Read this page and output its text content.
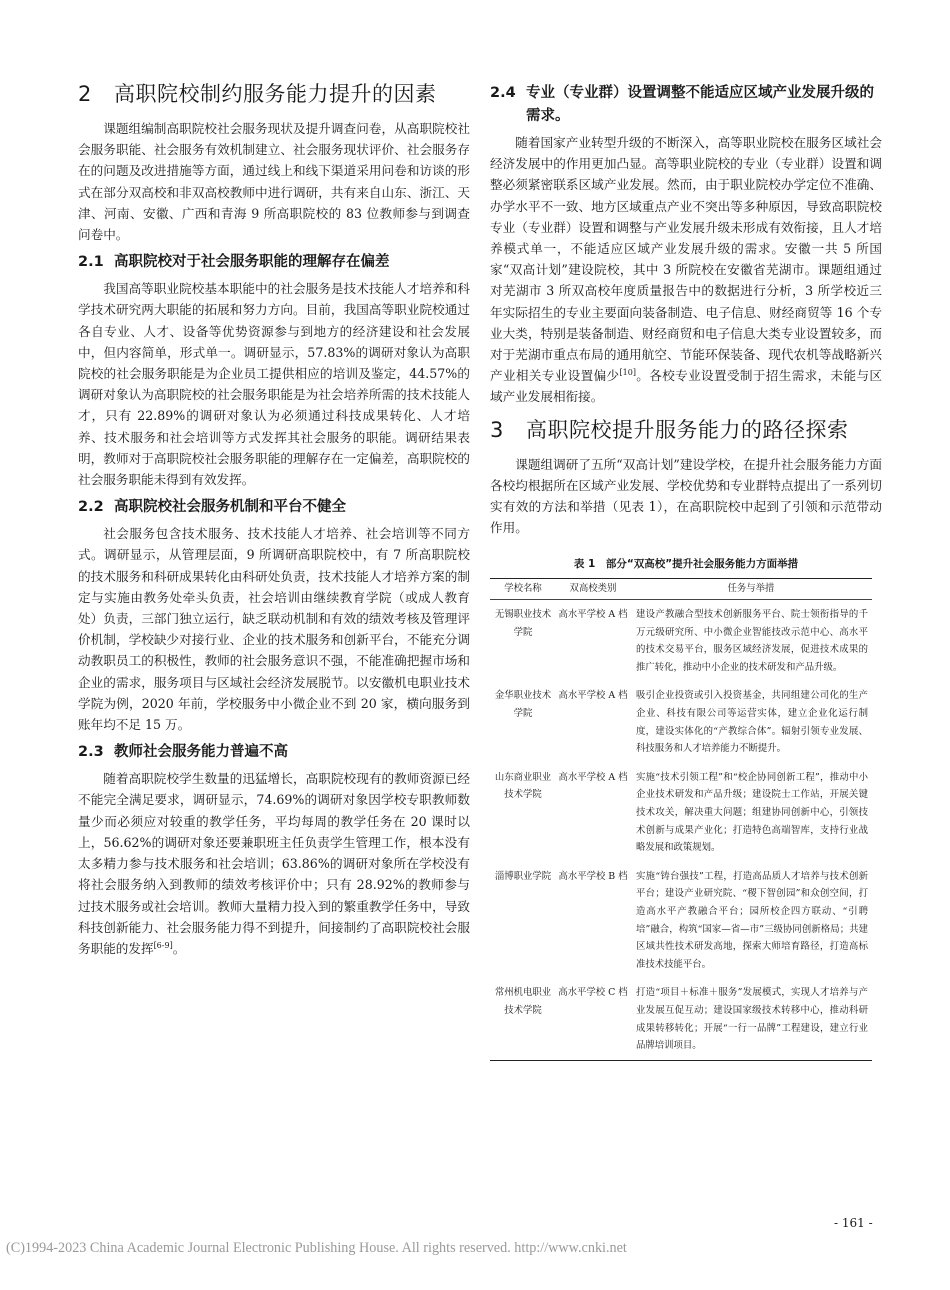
2 高职院校制约服务能力提升的因素

课题组编制高职院校社会服务现状及提升调查问卷，从高职院校社会服务职能、社会服务有效机制建立、社会服务现状评价、社会服务存在的问题及改进措施等方面，通过线上和线下渠道采用问卷和访谈的形式在部分双高校和非双高校教师中进行调研，共有来自山东、浙江、天津、河南、安徽、广西和青海 9 所高职院校的 83 位教师参与到调查问卷中。

2.1 高职院校对于社会服务职能的理解存在偏差

我国高等职业院校基本职能中的社会服务是技术技能人才培养和科学技术研究两大职能的拓展和努力方向。目前，我国高等职业院校通过各自专业、人才、设备等优势资源参与到地方的经济建设和社会发展中，但内容简单，形式单一。调研显示，57.83%的调研对象认为高职院校的社会服务职能是为企业员工提供相应的培训及鉴定，44.57%的调研对象认为高职院校的社会服务职能是为社会培养所需的技术技能人才，只有 22.89%的调研对象认为必须通过科技成果转化、人才培养、技术服务和社会培训等方式发挥其社会服务的职能。调研结果表明，教师对于高职院校社会服务职能的理解存在一定偏差，高职院校的社会服务职能未得到有效发挥。

2.2 高职院校社会服务机制和平台不健全

社会服务包含技术服务、技术技能人才培养、社会培训等不同方式。调研显示，从管理层面，9 所调研高职院校中，有 7 所高职院校的技术服务和科研成果转化由科研处负责，技术技能人才培养方案的制定与实施由教务处牵头负责，社会培训由继续教育学院（或成人教育处）负责，三部门独立运行，缺乏联动机制和有效的绩效考核及管理评价机制，学校缺少对接行业、企业的技术服务和创新平台，不能充分调动教职员工的积极性，教师的社会服务意识不强，不能准确把握市场和企业的需求，服务项目与区域社会经济发展脱节。以安徽机电职业技术学院为例，2020 年前，学校服务中小微企业不到 20 家，横向服务到账年均不足 15 万。

2.3 教师社会服务能力普遍不高

随着高职院校学生数量的迅猛增长，高职院校现有的教师资源已经不能完全满足要求，调研显示，74.69%的调研对象因学校专职教师数量少而必须应对较重的教学任务，平均每周的教学任务在 20 课时以上，56.62%的调研对象还要兼职班主任负责学生管理工作，根本没有太多精力参与技术服务和社会培训；63.86%的调研对象所在学校没有将社会服务纳入到教师的绩效考核评价中；只有 28.92%的教师参与过技术服务或社会培训。教师大量精力投入到的繁重教学任务中，导致科技创新能力、社会服务能力得不到提升，间接制约了高职院校社会服务职能的发挥[6-9]。

2.4 专业（专业群）设置调整不能适应区域产业发展升级的需求。

随着国家产业转型升级的不断深入，高等职业院校在服务区域社会经济发展中的作用更加凸显。高等职业院校的专业（专业群）设置和调整必须紧密联系区域产业发展。然而，由于职业院校办学定位不准确、办学水平不一致、地方区域重点产业不突出等多种原因，导致高职院校专业（专业群）设置和调整与产业发展升级未形成有效衔接，且人才培养模式单一，不能适应区域产业发展升级的需求。安徽一共 5 所国家“双高计划”建设院校，其中 3 所院校在安徽省芜湖市。课题组通过对芜湖市 3 所双高校年度质量报告中的数据进行分析，3 所学校近三年实际招生的专业主要面向装备制造、电子信息、财经商贸等 16 个专业大类，特别是装备制造、财经商贸和电子信息大类专业设置较多，而对于芜湖市重点布局的通用航空、节能环保装备、现代农机等战略新兴产业相关专业设置偏少[10]。各校专业设置受制于招生需求，未能与区域产业发展相衔接。

3 高职院校提升服务能力的路径探索

课题组调研了五所“双高计划”建设学校，在提升社会服务能力方面各校均根据所在区域产业发展、学校优势和专业群特点提出了一系列切实有效的方法和举措（见表 1），在高职院校中起到了引领和示范带动作用。

表 1　部分“双高校”提升社会服务能力方面举措
学校名称	双高校类别	任务与举措
无锡职业技术学院	高水平学校 A 档	建设产教融合型技术创新服务平台、院士领衔指导的千万元级研究所、中小微企业智能技改示范中心、高水平的技术交易平台，服务区域经济发展，促进技术成果的推广转化，推动中小企业的技术研发和产品升级。
金华职业技术学院	高水平学校 A 档	吸引企业投资或引入投资基金，共同组建公司化的生产企业、科技有限公司等运营实体，建立企业化运行制度，建设实体化的“产教综合体”。辐射引领专业发展、科技服务和人才培养能力不断提升。
山东商业职业技术学院	高水平学校 A 档	实施“技术引领工程”和“校企协同创新工程”，推动中小企业技术研发和产品升级；建设院士工作站，开展关键技术攻关，解决重大问题；组建协同创新中心，引领技术创新与成果产业化；打造特色高端智库，支持行业战略发展和政策规划。
淄博职业学院	高水平学校 B 档	实施“铸台强技”工程，打造高品质人才培养与技术创新平台；建设产业研究院、“稷下智创园”和众创空间，打造高水平产教融合平台；园所校企四方联动、“引聘培”融合，构筑“国家—省—市”三级协同创新格局；共建区域共性技术研发高地，探索大师培育路径，打造高标准技术技能平台。
常州机电职业技术学院	高水平学校 C 档	打造“项目＋标准＋服务”发展模式，实现人才培养与产业发展互促互动；建设国家级技术转移中心，推动科研成果转移转化；开展“一行一品牌”工程建设，建立行业品牌培训项目。
- 161 -
(C)1994-2023 China Academic Journal Electronic Publishing House. All rights reserved. http://www.cnki.net
